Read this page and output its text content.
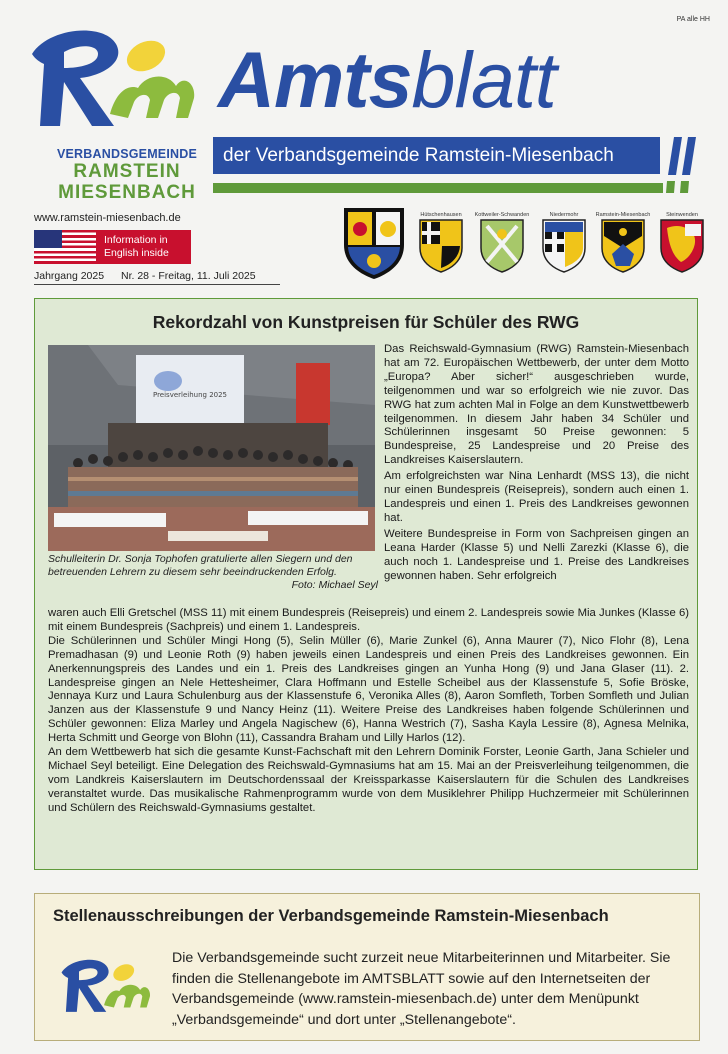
PA alle HH
VERBANDSGEMEINDE
RAMSTEIN
MIESENBACH
www.ramstein-miesenbach.de
Information in English inside
Jahrgang 2025 Nr. 28 - Freitag, 11. Juli 2025
Amtsblatt
der Verbandsgemeinde Ramstein-Miesenbach
Hütschenhausen	Kottweiler-Schwanden	Niedermohr	Ramstein-Miesenbach	Steinwenden
Rekordzahl von Kunstpreisen für Schüler des RWG
Preisverleihung 2025
Schulleiterin Dr. Sonja Tophofen gratulierte allen Siegern und den betreuenden Lehrern zu diesem sehr beeindruckenden Erfolg.
Foto: Michael Seyl

Das Reichswald-Gymnasium (RWG) Ramstein-Miesenbach hat am 72. Europäischen Wettbewerb, der unter dem Motto „Europa? Aber sicher!“ ausgeschrieben wurde, teilgenommen und war so erfolgreich wie nie zuvor. Das RWG hat zum achten Mal in Folge an dem Kunstwettbewerb teilgenommen. In diesem Jahr haben 34 Schüler und Schülerinnen insgesamt 50 Preise gewonnen: 5 Bundespreise, 25 Landespreise und 20 Preise des Landkreises Kaiserslautern.

Am erfolgreichsten war Nina Lenhardt (MSS 13), die nicht nur einen Bundespreis (Reisepreis), sondern auch einen 1. Landespreis und einen 1. Preis des Landkreises gewonnen hat.

Weitere Bundespreise in Form von Sachpreisen gingen an Leana Harder (Klasse 5) und Nelli Zarezki (Klasse 6), die auch noch 1. Landespreise und 1. Preise des Landkreises gewonnen haben. Sehr erfolgreich

waren auch Elli Gretschel (MSS 11) mit einem Bundespreis (Reisepreis) und einem 2. Landespreis sowie Mia Junkes (Klasse 6) mit einem Bundespreis (Sachpreis) und einem 1. Landespreis.

Die Schülerinnen und Schüler Mingi Hong (5), Selin Müller (6), Marie Zunkel (6), Anna Maurer (7), Nico Flohr (8), Lena Premadhasan (9) und Leonie Roth (9) haben jeweils einen Landespreis und einen Preis des Landkreises gewonnen. Ein Anerkennungspreis des Landes und ein 1. Preis des Landkreises gingen an Yunha Hong (9) und Jana Glaser (11). 2. Landespreise gingen an Nele Hettesheimer, Clara Hoffmann und Estelle Scheibel aus der Klassenstufe 5, Sofie Bröske, Jennaya Kurz und Laura Schulenburg aus der Klassenstufe 6, Veronika Alles (8), Aaron Somfleth, Torben Somfleth und Julian Janzen aus der Klassenstufe 9 und Nancy Heinz (11). Weitere Preise des Landkreises haben folgende Schülerinnen und Schüler gewonnen: Eliza Marley und Angela Nagischew (6), Hanna Westrich (7), Sasha Kayla Lessire (8), Agnesa Melnika, Herta Schmitt und George von Blohn (11), Cassandra Braham und Lilly Harlos (12).

An dem Wettbewerb hat sich die gesamte Kunst-Fachschaft mit den Lehrern Dominik Forster, Leonie Garth, Jana Schieler und Michael Seyl beteiligt. Eine Delegation des Reichswald-Gymnasiums hat am 15. Mai an der Preisverleihung teilgenommen, die vom Landkreis Kaiserslautern im Deutschordenssaal der Kreissparkasse Kaiserslautern für die Schulen des Landkreises veranstaltet wurde. Das musikalische Rahmenprogramm wurde von dem Musiklehrer Philipp Huchzermeier mit Schülerinnen und Schülern des Reichswald-Gymnasiums gestaltet.

Stellenausschreibungen der Verbandsgemeinde Ramstein-Miesenbach
Die Verbandsgemeinde sucht zurzeit neue Mitarbeiterinnen und Mitarbeiter. Sie finden die Stellenangebote im AMTSBLATT sowie auf den Internetseiten der Verbandsgemeinde (www.ramstein-miesenbach.de) unter dem Menüpunkt „Verbandsgemeinde“ und dort unter „Stellenangebote“.
